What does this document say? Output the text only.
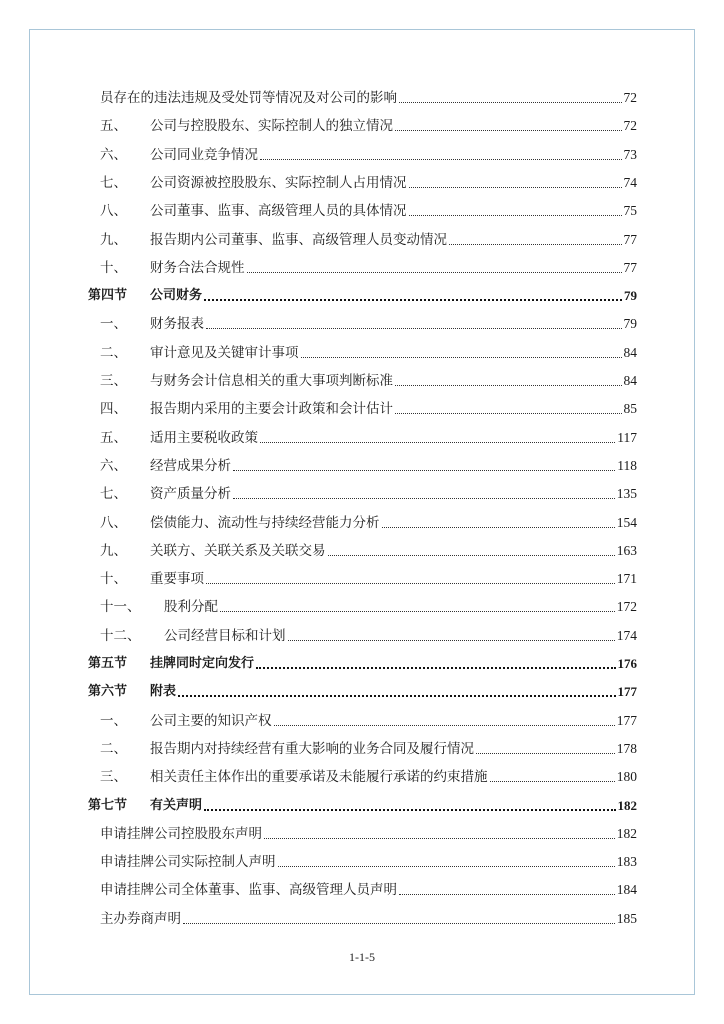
员存在的违法违规及受处罚等情况及对公司的影响	72
五、	公司与控股股东、实际控制人的独立情况	72
六、	公司同业竞争情况	73
七、	公司资源被控股股东、实际控制人占用情况	74
八、	公司董事、监事、高级管理人员的具体情况	75
九、	报告期内公司董事、监事、高级管理人员变动情况	77
十、	财务合法合规性	77
第四节	公司财务	79
一、	财务报表	79
二、	审计意见及关键审计事项	84
三、	与财务会计信息相关的重大事项判断标准	84
四、	报告期内采用的主要会计政策和会计估计	85
五、	适用主要税收政策	117
六、	经营成果分析	118
七、	资产质量分析	135
八、	偿债能力、流动性与持续经营能力分析	154
九、	关联方、关联关系及关联交易	163
十、	重要事项	171
十一、	股利分配	172
十二、	公司经营目标和计划	174
第五节	挂牌同时定向发行	176
第六节	附表	177
一、	公司主要的知识产权	177
二、	报告期内对持续经营有重大影响的业务合同及履行情况	178
三、	相关责任主体作出的重要承诺及未能履行承诺的约束措施	180
第七节	有关声明	182
申请挂牌公司控股股东声明	182
申请挂牌公司实际控制人声明	183
申请挂牌公司全体董事、监事、高级管理人员声明	184
主办券商声明	185
1-1-5
